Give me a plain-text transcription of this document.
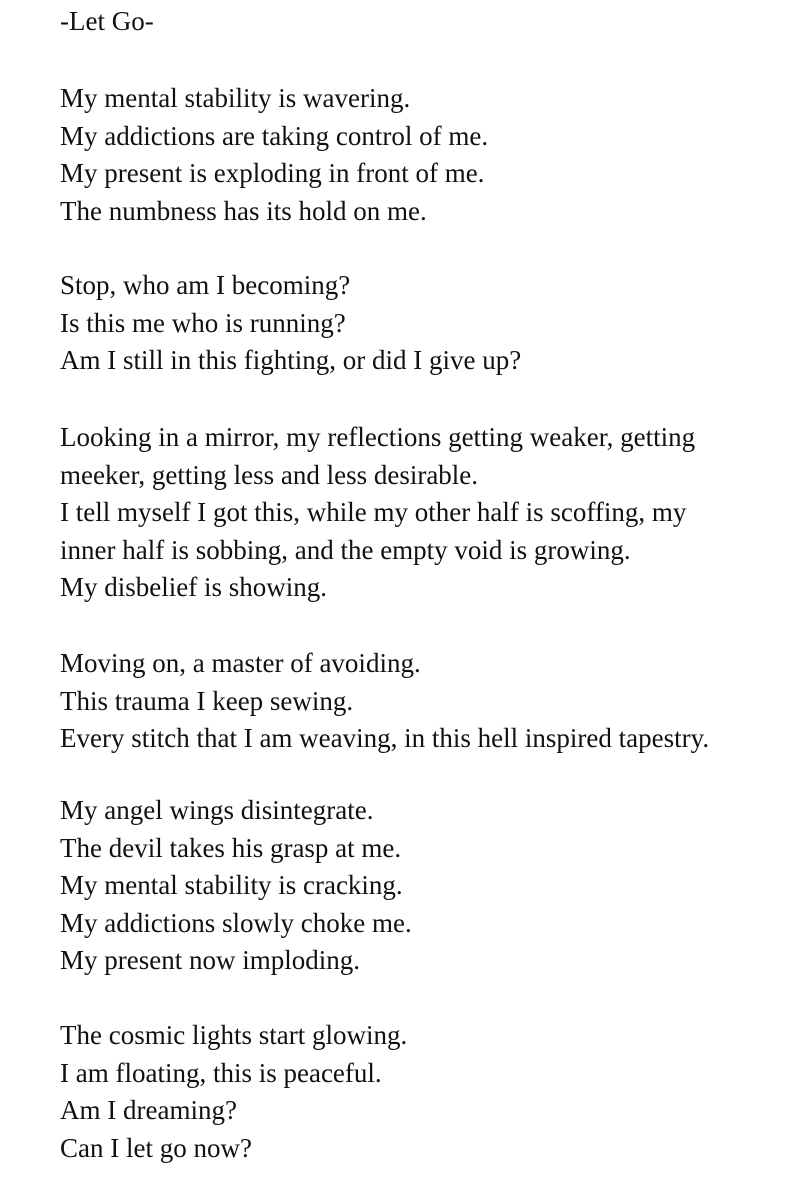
-Let Go-
My mental stability is wavering.
My addictions are taking control of me.
My present is exploding in front of me.
The numbness has its hold on me.
Stop, who am I becoming?
Is this me who is running?
Am I still in this fighting, or did I give up?
Looking in a mirror, my reflections getting weaker, getting
meeker, getting less and less desirable.
I tell myself I got this, while my other half is scoffing, my
inner half is sobbing, and the empty void is growing.
My disbelief is showing.
Moving on, a master of avoiding.
This trauma I keep sewing.
Every stitch that I am weaving, in this hell inspired tapestry.
My angel wings disintegrate.
The devil takes his grasp at me.
My mental stability is cracking.
My addictions slowly choke me.
My present now imploding.
The cosmic lights start glowing.
I am floating, this is peaceful.
Am I dreaming?
Can I let go now?
